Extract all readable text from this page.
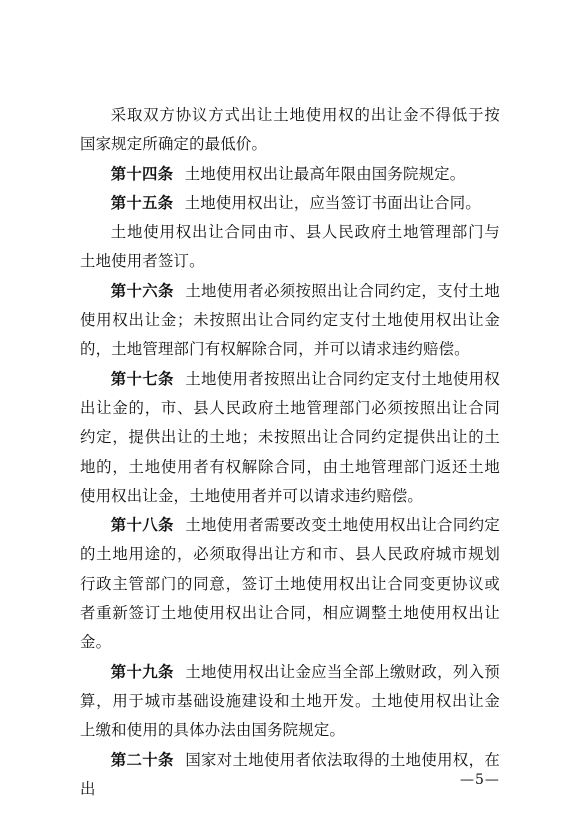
采取双方协议方式出让土地使用权的出让金不得低于按国家规定所确定的最低价。

第十四条 土地使用权出让最高年限由国务院规定。

第十五条 土地使用权出让，应当签订书面出让合同。

土地使用权出让合同由市、县人民政府土地管理部门与土地使用者签订。

第十六条 土地使用者必须按照出让合同约定，支付土地使用权出让金；未按照出让合同约定支付土地使用权出让金的，土地管理部门有权解除合同，并可以请求违约赔偿。

第十七条 土地使用者按照出让合同约定支付土地使用权出让金的，市、县人民政府土地管理部门必须按照出让合同约定，提供出让的土地；未按照出让合同约定提供出让的土地的，土地使用者有权解除合同，由土地管理部门返还土地使用权出让金，土地使用者并可以请求违约赔偿。

第十八条 土地使用者需要改变土地使用权出让合同约定的土地用途的，必须取得出让方和市、县人民政府城市规划行政主管部门的同意，签订土地使用权出让合同变更协议或者重新签订土地使用权出让合同，相应调整土地使用权出让金。

第十九条 土地使用权出让金应当全部上缴财政，列入预算，用于城市基础设施建设和土地开发。土地使用权出让金上缴和使用的具体办法由国务院规定。

第二十条 国家对土地使用者依法取得的土地使用权，在出	—5—
